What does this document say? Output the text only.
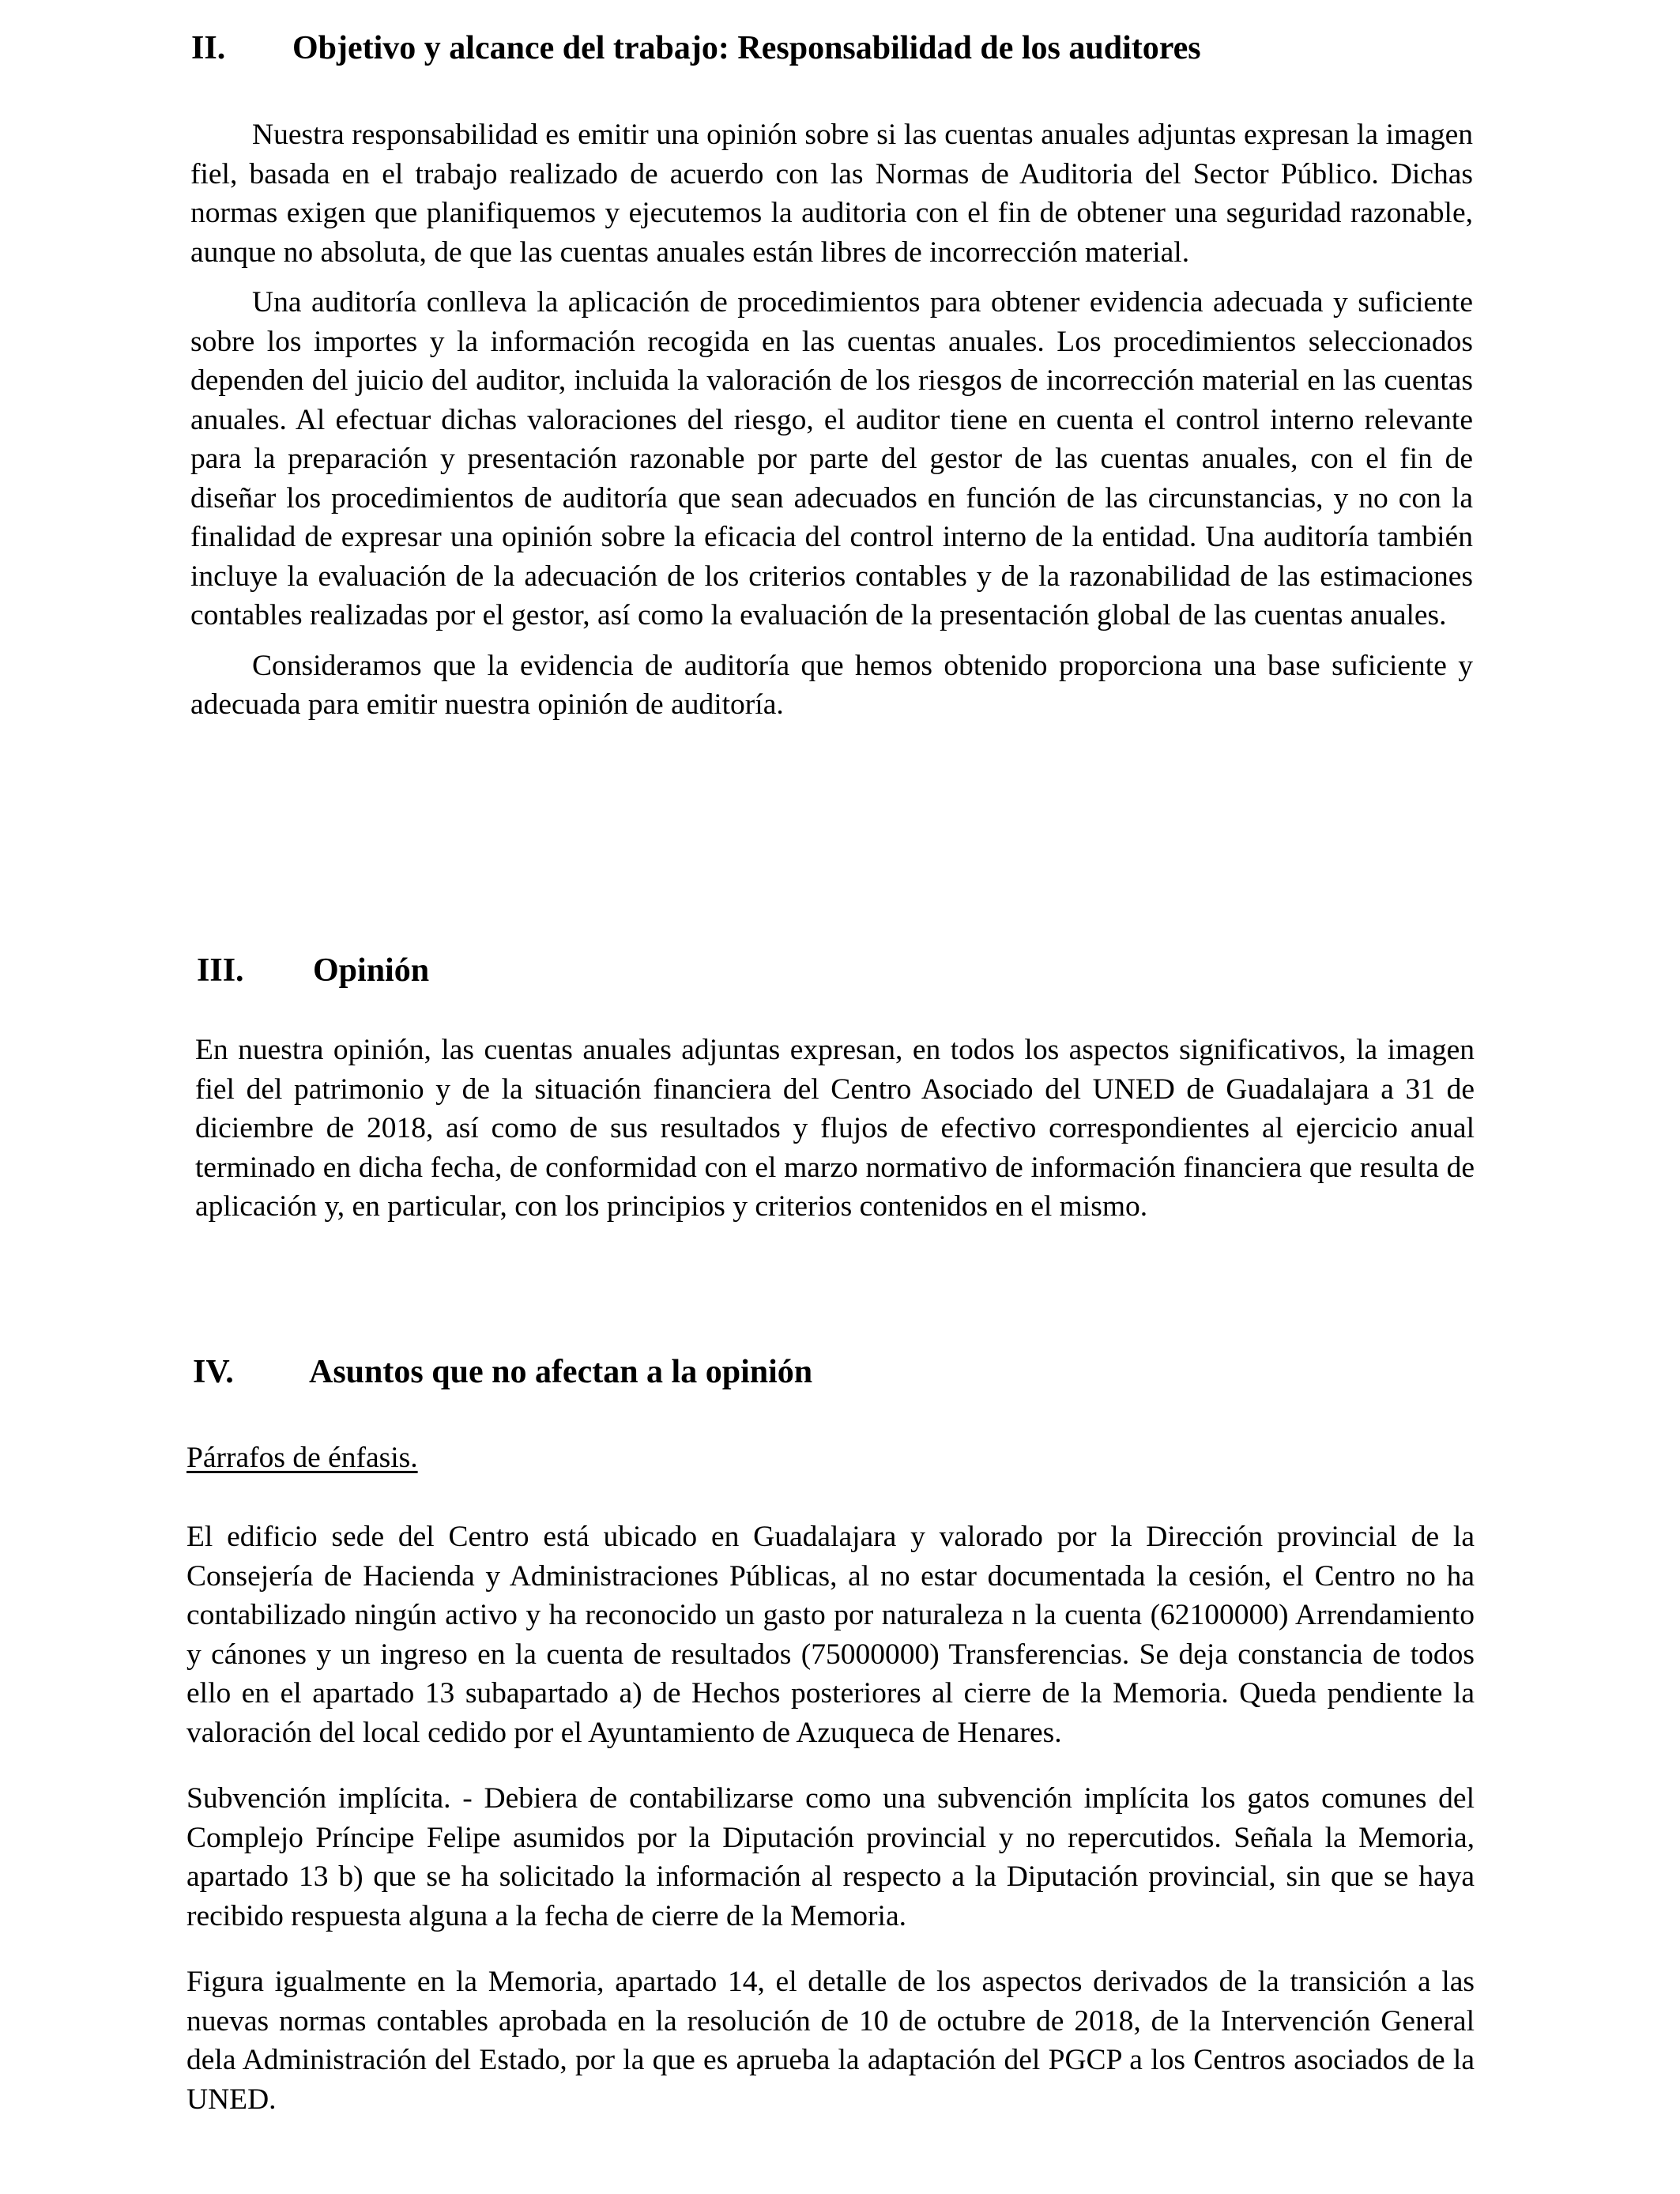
II. Objetivo y alcance del trabajo: Responsabilidad de los auditores

Nuestra responsabilidad es emitir una opinión sobre si las cuentas anuales adjuntas expresan la imagen fiel, basada en el trabajo realizado de acuerdo con las Normas de Auditoria del Sector Público. Dichas normas exigen que planifiquemos y ejecutemos la auditoria con el fin de obtener una seguridad razonable, aunque no absoluta, de que las cuentas anuales están libres de incorrección material.

Una auditoría conlleva la aplicación de procedimientos para obtener evidencia adecuada y suficiente sobre los importes y la información recogida en las cuentas anuales. Los procedimientos seleccionados dependen del juicio del auditor, incluida la valoración de los riesgos de incorrección material en las cuentas anuales. Al efectuar dichas valoraciones del riesgo, el auditor tiene en cuenta el control interno relevante para la preparación y presentación razonable por parte del gestor de las cuentas anuales, con el fin de diseñar los procedimientos de auditoría que sean adecuados en función de las circunstancias, y no con la finalidad de expresar una opinión sobre la eficacia del control interno de la entidad. Una auditoría también incluye la evaluación de la adecuación de los criterios contables y de la razonabilidad de las estimaciones contables realizadas por el gestor, así como la evaluación de la presentación global de las cuentas anuales.

Consideramos que la evidencia de auditoría que hemos obtenido proporciona una base suficiente y adecuada para emitir nuestra opinión de auditoría.

III. Opinión

En nuestra opinión, las cuentas anuales adjuntas expresan, en todos los aspectos significativos, la imagen fiel del patrimonio y de la situación financiera del Centro Asociado del UNED de Guadalajara a 31 de diciembre de 2018, así como de sus resultados y flujos de efectivo correspondientes al ejercicio anual terminado en dicha fecha, de conformidad con el marzo normativo de información financiera que resulta de aplicación y, en particular, con los principios y criterios contenidos en el mismo.

IV. Asuntos que no afectan a la opinión
Párrafos de énfasis.

El edificio sede del Centro está ubicado en Guadalajara y valorado por la Dirección provincial de la Consejería de Hacienda y Administraciones Públicas, al no estar documentada la cesión, el Centro no ha contabilizado ningún activo y ha reconocido un gasto por naturaleza n la cuenta (62100000) Arrendamiento y cánones y un ingreso en la cuenta de resultados (75000000) Transferencias. Se deja constancia de todos ello en el apartado 13 subapartado a) de Hechos posteriores al cierre de la Memoria. Queda pendiente la valoración del local cedido por el Ayuntamiento de Azuqueca de Henares.

Subvención implícita. - Debiera de contabilizarse como una subvención implícita los gatos comunes del Complejo Príncipe Felipe asumidos por la Diputación provincial y no repercutidos. Señala la Memoria, apartado 13 b) que se ha solicitado la información al respecto a la Diputación provincial, sin que se haya recibido respuesta alguna a la fecha de cierre de la Memoria.

Figura igualmente en la Memoria, apartado 14, el detalle de los aspectos derivados de la transición a las nuevas normas contables aprobada en la resolución de 10 de octubre de 2018, de la Intervención General dela Administración del Estado, por la que es aprueba la adaptación del PGCP a los Centros asociados de la UNED.
